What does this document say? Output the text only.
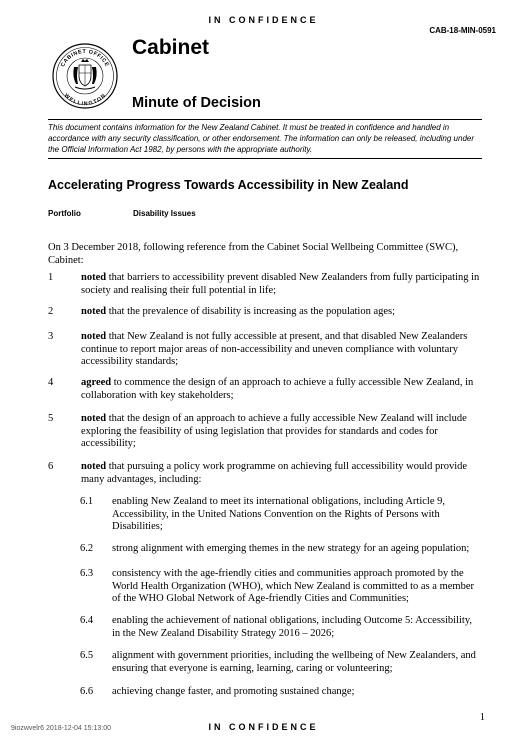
IN CONFIDENCE
CAB-18-MIN-0591
CABINET OFFICE
WELLINGTON
Cabinet
Minute of Decision
This document contains information for the New Zealand Cabinet. It must be treated in confidence and handled in accordance with any security classification, or other endorsement. The information can only be released, including under the Official Information Act 1982, by persons with the appropriate authority.
Accelerating Progress Towards Accessibility in New Zealand
Portfolio	Disability Issues
On 3 December 2018, following reference from the Cabinet Social Wellbeing Committee (SWC), Cabinet:
1	noted that barriers to accessibility prevent disabled New Zealanders from fully participating in society and realising their full potential in life;
2	noted that the prevalence of disability is increasing as the population ages;
3	noted that New Zealand is not fully accessible at present, and that disabled New Zealanders continue to report major areas of non-accessibility and uneven compliance with voluntary accessibility standards;
4	agreed to commence the design of an approach to achieve a fully accessible New Zealand, in collaboration with key stakeholders;
5	noted that the design of an approach to achieve a fully accessible New Zealand will include exploring the feasibility of using legislation that provides for standards and codes for accessibility;
6	noted that pursuing a policy work programme on achieving full accessibility would provide many advantages, including:
6.1 enabling New Zealand to meet its international obligations, including Article 9, Accessibility, in the United Nations Convention on the Rights of Persons with Disabilities;
6.2 strong alignment with emerging themes in the new strategy for an ageing population;
6.3 consistency with the age-friendly cities and communities approach promoted by the World Health Organization (WHO), which New Zealand is committed to as a member of the WHO Global Network of Age-friendly Cities and Communities;
6.4 enabling the achievement of national obligations, including Outcome 5: Accessibility, in the New Zealand Disability Strategy 2016 – 2026;
6.5 alignment with government priorities, including the wellbeing of New Zealanders, and ensuring that everyone is earning, learning, caring or volunteering;
6.6 achieving change faster, and promoting sustained change;
1
9iozwvelr6 2018-12-04 15:13:00	IN CONFIDENCE
